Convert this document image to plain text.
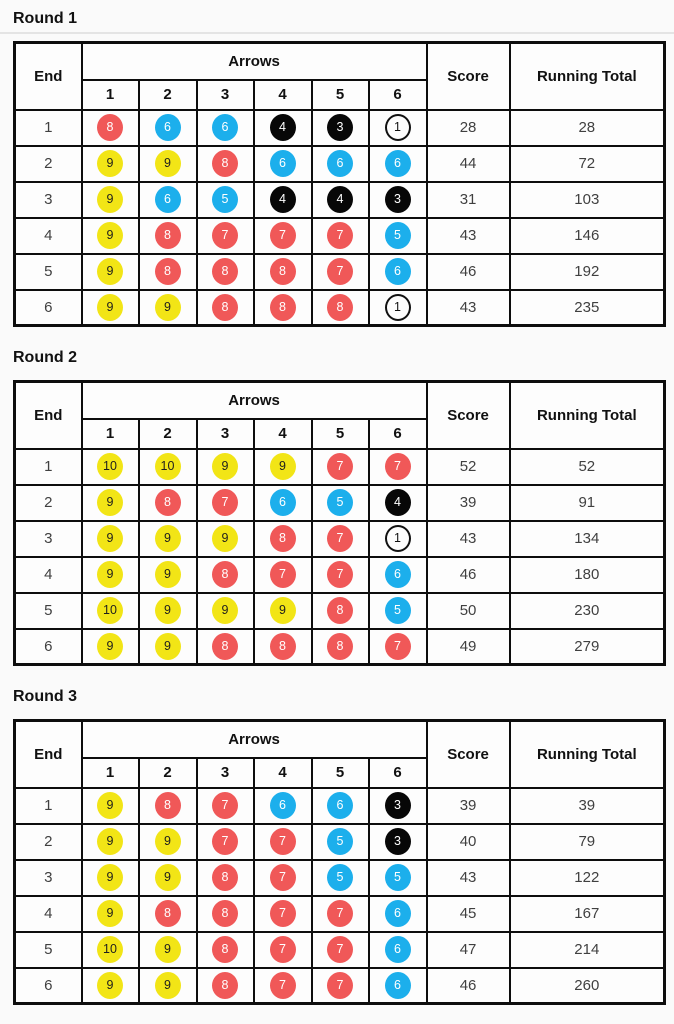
Round 1
End	Arrows						Score	Running Total
	1	2	3	4	5	6		
1	8	6	6	4	3	1	28	28
2	9	9	8	6	6	6	44	72
3	9	6	5	4	4	3	31	103
4	9	8	7	7	7	5	43	146
5	9	8	8	8	7	6	46	192
6	9	9	8	8	8	1	43	235
Round 2
End	Arrows						Score	Running Total
	1	2	3	4	5	6		
1	10	10	9	9	7	7	52	52
2	9	8	7	6	5	4	39	91
3	9	9	9	8	7	1	43	134
4	9	9	8	7	7	6	46	180
5	10	9	9	9	8	5	50	230
6	9	9	8	8	8	7	49	279
Round 3
End	Arrows						Score	Running Total
	1	2	3	4	5	6		
1	9	8	7	6	6	3	39	39
2	9	9	7	7	5	3	40	79
3	9	9	8	7	5	5	43	122
4	9	8	8	7	7	6	45	167
5	10	9	8	7	7	6	47	214
6	9	9	8	7	7	6	46	260
